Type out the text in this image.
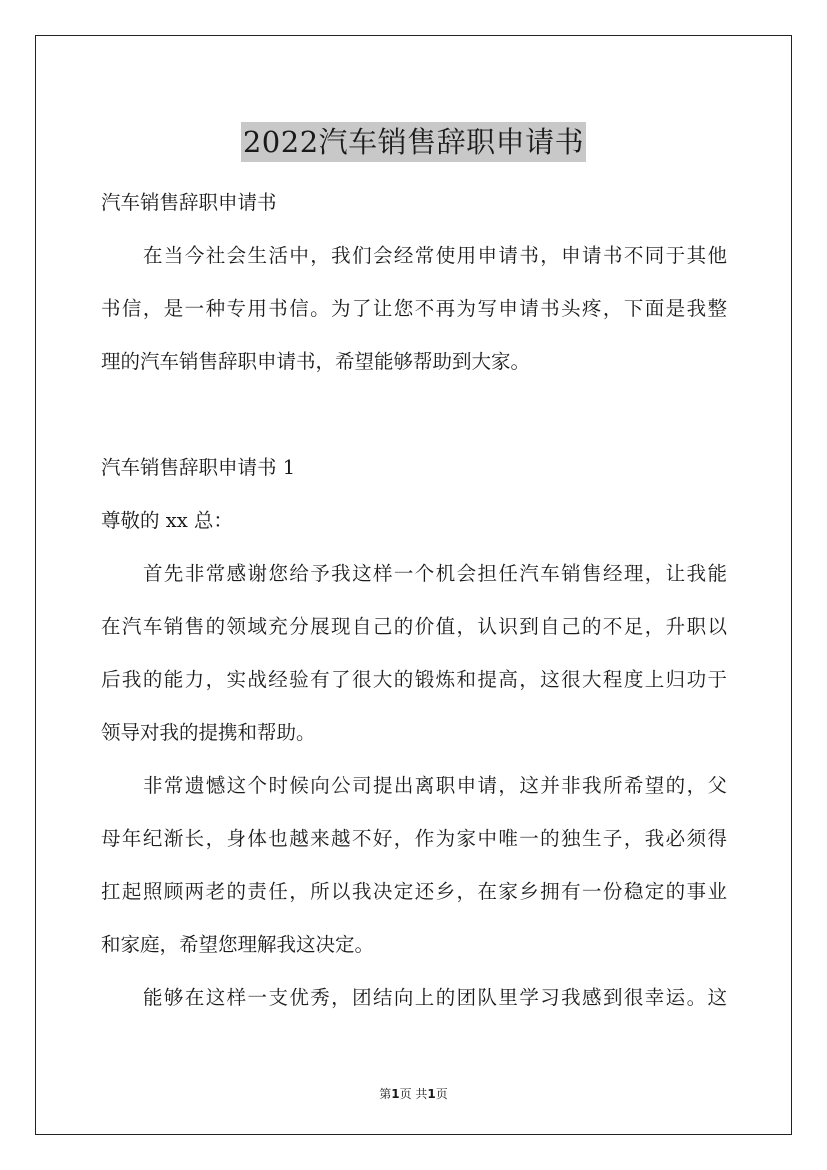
2022汽车销售辞职申请书

汽车销售辞职申请书

在当今社会生活中，我们会经常使用申请书，申请书不同于其他

书信，是一种专用书信。为了让您不再为写申请书头疼，下面是我整

理的汽车销售辞职申请书，希望能够帮助到大家。

汽车销售辞职申请书 1

尊敬的 xx 总：

首先非常感谢您给予我这样一个机会担任汽车销售经理，让我能

在汽车销售的领域充分展现自己的价值，认识到自己的不足，升职以

后我的能力，实战经验有了很大的锻炼和提高，这很大程度上归功于

领导对我的提携和帮助。

非常遗憾这个时候向公司提出离职申请，这并非我所希望的，父

母年纪渐长，身体也越来越不好，作为家中唯一的独生子，我必须得

扛起照顾两老的责任，所以我决定还乡，在家乡拥有一份稳定的事业

和家庭，希望您理解我这决定。

能够在这样一支优秀，团结向上的团队里学习我感到很幸运。这

第1页 共1页
